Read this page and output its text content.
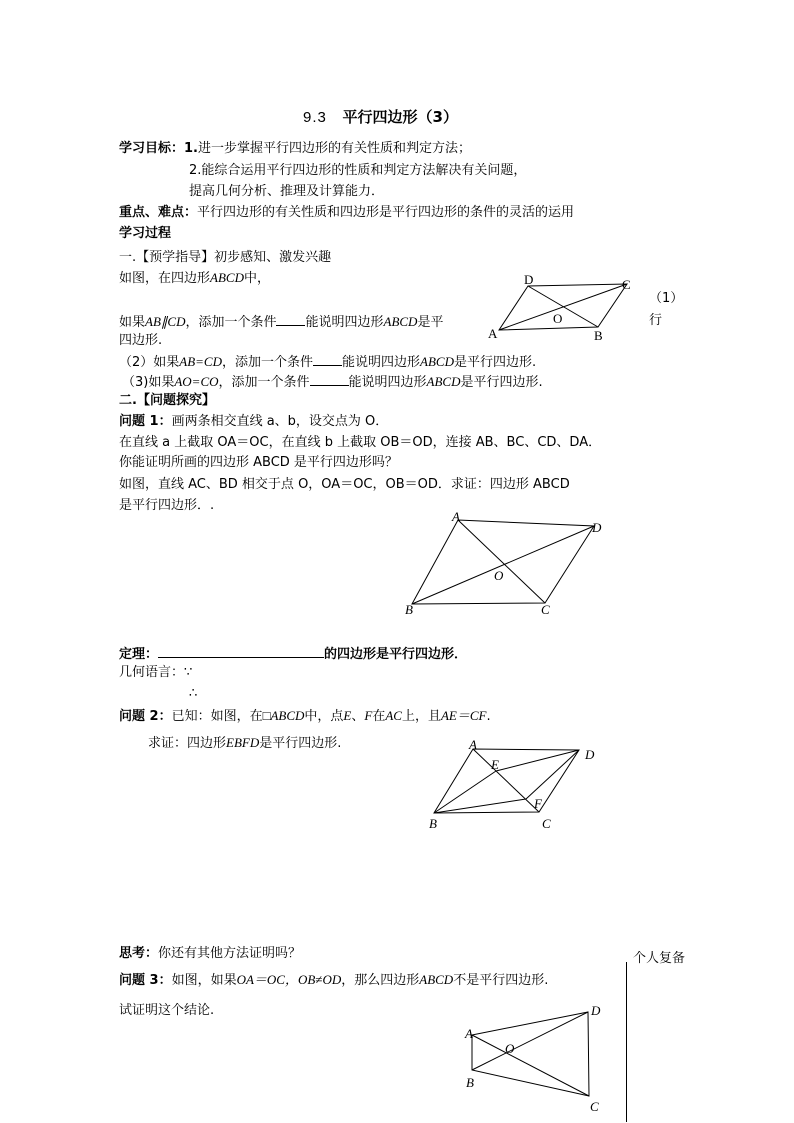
9.3 平行四边形（3）
学习目标：1.进一步掌握平行四边形的有关性质和判定方法；
2.能综合运用平行四边形的性质和判定方法解决有关问题，
提高几何分析、推理及计算能力．
重点、难点：平行四边形的有关性质和四边形是平行四边形的条件的灵活的运用
学习过程
一.【预学指导】初步感知、激发兴趣
如图，在四边形ABCD中，	D	C
A	B
O
（1）
如果AB∥CD，添加一个条件 能说明四边形ABCD是平	行
四边形.
（2）如果AB=CD，添加一个条件 能说明四边形ABCD是平行四边形.
（3)如果AO=CO，添加一个条件	能说明四边形ABCD是平行四边形.
二.【问题探究】
问题 1：画两条相交直线 a、b，设交点为 O．
在直线 a 上截取 OA＝OC，在直线 b 上截取 OB＝OD，连接 AB、BC、CD、DA．
你能证明所画的四边形 ABCD 是平行四边形吗？
如图，直线 AC、BD 相交于点 O，OA＝OC，OB＝OD．求证：四边形 ABCD
是平行四边形．.
A
D
B	C
O
定理：	的四边形是平行四边形．
几何语言：∵
∴
问题 2：已知：如图，在□ABCD中，点E、F在AC上，且AE＝CF.
求证：四边形EBFD是平行四边形.	A
D
E
F
B	C
思考：你还有其他方法证明吗？	个人复备
问题 3：如图，如果OA＝OC，OB≠OD，那么四边形ABCD不是平行四边形.
试证明这个结论.
A
D
B
C
O
